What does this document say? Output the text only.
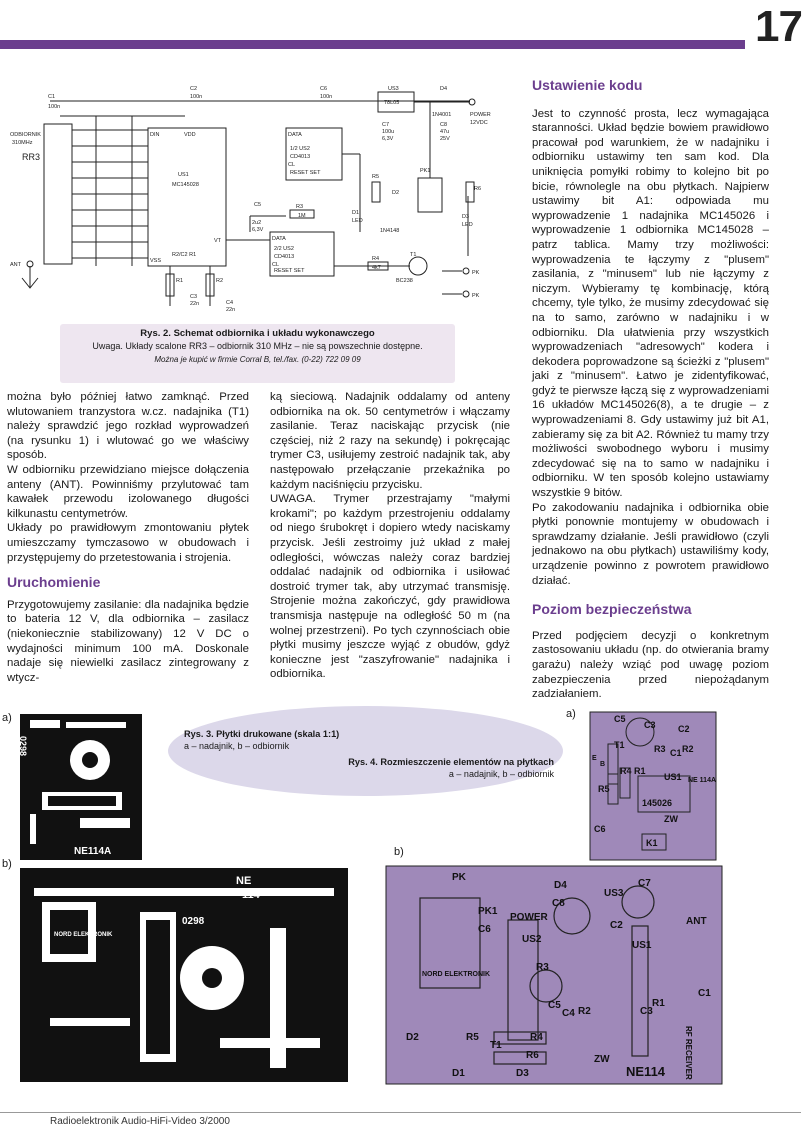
17
C1
100n
C2
100n
C6
100n
US3
78L05
D4
1N4001	POWER
12VDC
C7
100u
6,3V
C8
47u
25V
ODBIORNIK
310MHz
RR3
US1
MC145028
1/2 US2
CD4013
RESET SET
2/2 US2
CD4013
RESET SET
DATA
DATA
CL
CL
C5
2u2
6,3V
R3
1M
R4
4k7
T1
BC238
R5
R6
D1
LED
D2
1N4148
D3
LED
PK1
PK
PK
ANT
R1	R2
C3
22n	C4
22n
VDD
VSS
DIN
VT
R2/C2 R1
Rys. 2. Schemat odbiornika i układu wykonawczego
Uwaga. Układy scalone RR3 – odbiornik 310 MHz – nie są powszechnie dostępne.
Można je kupić w firmie Corral B, tel./fax. (0-22) 722 09 09

można było później łatwo zamknąć. Przed wlutowaniem tranzystora w.cz. nadajnika (T1) należy sprawdzić jego rozkład wyprowadzeń (na rysunku 1) i wlutować go we właściwy sposób.

W odbiorniku przewidziano miejsce dołączenia anteny (ANT). Powinniśmy przylutować tam kawałek przewodu izolowanego długości kilkunastu centymetrów.

Układy po prawidłowym zmontowaniu płytek umieszczamy tymczasowo w obudowach i przystępujemy do przetestowania i strojenia.

Uruchomienie

Przygotowujemy zasilanie: dla nadajnika będzie to bateria 12 V, dla odbiornika – zasilacz (niekoniecznie stabilizowany) 12 V DC o wydajności minimum 100 mA. Doskonale nadaje się niewielki zasilacz zintegrowany z wtycz-

ką sieciową. Nadajnik oddalamy od anteny odbiornika na ok. 50 centymetrów i włączamy zasilanie. Teraz naciskając przycisk (nie częściej, niż 2 razy na sekundę) i pokręcając trymer C3, usiłujemy zestroić nadajnik tak, aby następowało przełączanie przekaźnika po każdym naciśnięciu przycisku.

UWAGA. Trymer przestrajamy "małymi krokami"; po każdym przestrojeniu oddalamy od niego śrubokręt i dopiero wtedy naciskamy przycisk. Jeśli zestroimy już układ z małej odległości, wówczas należy coraz bardziej oddalać nadajnik od odbiornika i usiłować dostroić trymer tak, aby utrzymać transmisję. Strojenie można zakończyć, gdy prawidłowa transmisja następuje na odległość 50 m (na wolnej przestrzeni). Po tych czynnościach obie płytki musimy jeszcze wyjąć z obudów, gdyż konieczne jest "zaszyfrowanie" nadajnika i odbiornika.

Ustawienie kodu

Jest to czynność prosta, lecz wymagająca staranności. Układ będzie bowiem prawidłowo pracował pod warunkiem, że w nadajniku i odbiorniku ustawimy ten sam kod. Dla uniknięcia pomyłki robimy to kolejno bit po bicie, równolegle na obu płytkach. Najpierw ustawimy bit A1: odpowiada mu wyprowadzenie 1 nadajnika MC145026 i wyprowadzenie 1 odbiornika MC145028 – patrz tablica. Mamy trzy możliwości: wyprowadzenia te łączymy z "plusem" zasilania, z "minusem" lub nie łączymy z niczym. Wybieramy tę kombinację, którą chcemy, tyle tylko, że musimy zdecydować się na to samo, zarówno w nadajniku i w odbiorniku. Dla ułatwienia przy wszystkich wyprowadzeniach "adresowych" kodera i dekodera poprowadzone są ścieżki z "plusem" jaki z "minusem". Łatwo je zidentyfikować, gdyż te pierwsze łączą się z wyprowadzeniami 16 układów MC145026(8), a te drugie – z wyprowadzeniami 8. Gdy ustawimy już bit A1, zabieramy się za bit A2. Również tu mamy trzy możliwości swobodnego wyboru i musimy zdecydować się na to samo w nadajniku i odbiorniku. W ten sposób kolejno ustawiamy wszystkie 9 bitów.

Po zakodowaniu nadajnika i odbiornika obie płytki ponownie montujemy w obudowach i sprawdzamy działanie. Jeśli prawidłowo (czyli jednakowo na obu płytkach) ustawiliśmy kody, urządzenie powinno z powrotem prawidłowo działać.

Poziom bezpieczeństwa

Przed podjęciem decyzji o konkretnym zastosowaniu układu (np. do otwierania bramy garażu) należy wziąć pod uwagę poziom zabezpieczenia przed niepożądanym zadziałaniem.

a)
b)
a)
b)
Rys. 3. Płytki drukowane (skala 1:1)
a – nadajnik, b – odbiornik
Rys. 4. Rozmieszczenie elementów na płytkach
a – nadajnik, b – odbiornik
0298
NE114A
NE
114
0298
NORD ELEKTRONIK
C5
C2
C3
T1	R3 C1 R2
R4 R1
US1
R5
145026
ZW
C6
K1
NE 114A
E
B
PK
D4
US3
C7
C8
POWER
PK1
C6
US2
C2
US1
ANT
R3
C5
R2
C4
R1
C3
C1
RF RECEIVER
NORD ELEKTRONIK
D2	R5	R4
T1
R6	ZW
D1	D3	NE114
Radioelektronik Audio-HiFi-Video 3/2000
